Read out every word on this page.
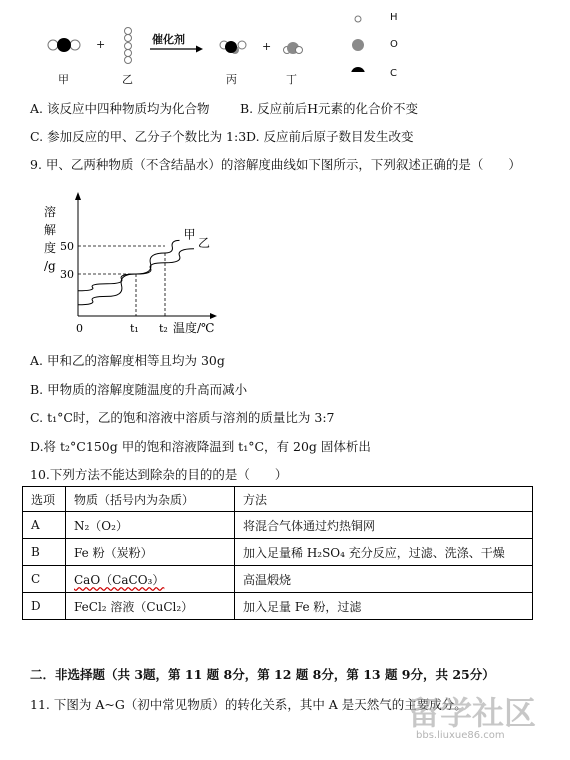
+	+
催化剂
甲	乙	丙	丁
H
O
C
A. 该反应中四种物质均为化合物 B. 反应前后H元素的化合价不变
C. 参加反应的甲、乙分子个数比为 1:3 D. 反应前后原子数目发生改变
9. 甲、乙两种物质（不含结晶水）的溶解度曲线如下图所示，下列叙述正确的是（　　）
甲
乙
30
50
0	t₁ t₂ 温度/℃
溶
解
度
/g
A. 甲和乙的溶解度相等且均为 30g
B. 甲物质的溶解度随温度的升高而减小
C. t₁°C时，乙的饱和溶液中溶质与溶剂的质量比为 3:7
D.将 t₂°C150g 甲的饱和溶液降温到 t₁°C，有 20g 固体析出
10.下列方法不能达到除杂的目的的是（　　）
选项	物质（括号内为杂质）	方法
A	N₂（O₂）	将混合气体通过灼热铜网
B	Fe 粉（炭粉）	加入足量稀 H₂SO₄ 充分反应，过滤、洗涤、干燥
C	CaO（CaCO₃）	高温煅烧
D	FeCl₂ 溶液（CuCl₂）	加入足量 Fe 粉，过滤
二．非选择题（共 3题，第 11 题 8分，第 12 题 8分，第 13 题 9分，共 25分）
11. 下图为 A~G（初中常见物质）的转化关系，其中 A 是天然气的主要成分。
留学社区
bbs.liuxue86.com
